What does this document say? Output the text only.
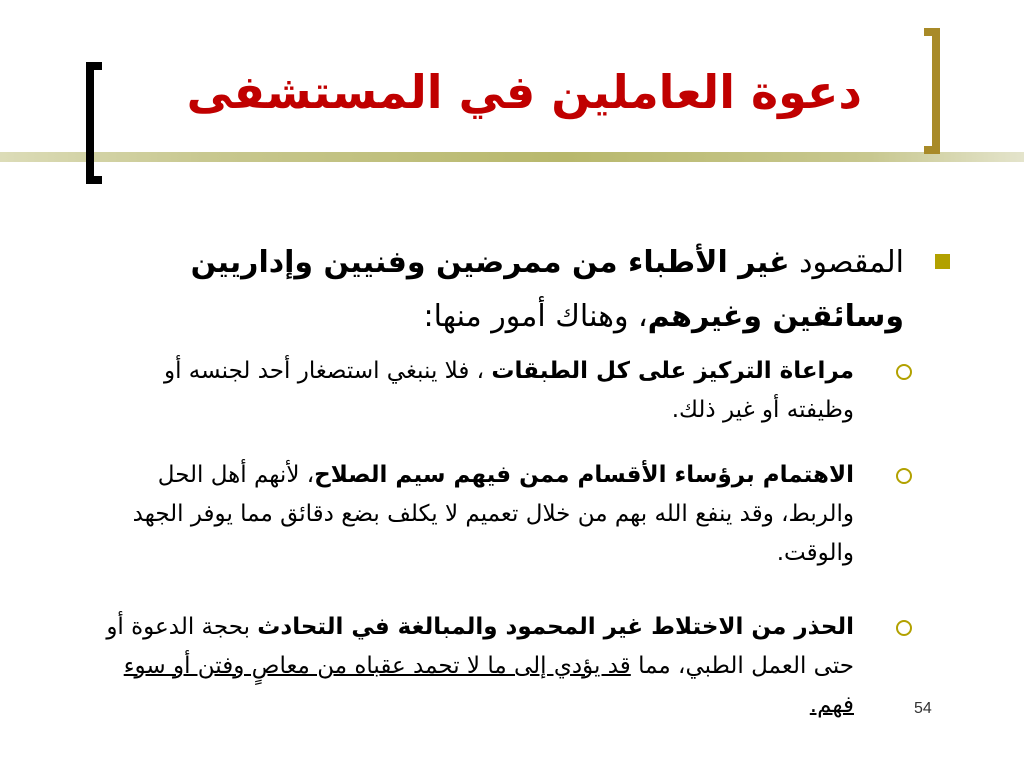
دعوة العاملين في المستشفى
المقصود غير الأطباء من ممرضين وفنيين وإداريين وسائقين وغيرهم، وهناك أمور منها:
مراعاة التركيز على كل الطبقات ، فلا ينبغي استصغار أحد لجنسه أو وظيفته أو غير ذلك.
الاهتمام برؤساء الأقسام ممن فيهم سيم الصلاح، لأنهم أهل الحل والربط، وقد ينفع الله بهم من خلال تعميم لا يكلف بضع دقائق مما يوفر الجهد والوقت.
الحذر من الاختلاط غير المحمود والمبالغة في التحادث بحجة الدعوة أو حتى العمل الطبي، مما قد يؤدي إلى ما لا تحمد عقباه من معاصٍ وفتن أو سوء فهم.	54
